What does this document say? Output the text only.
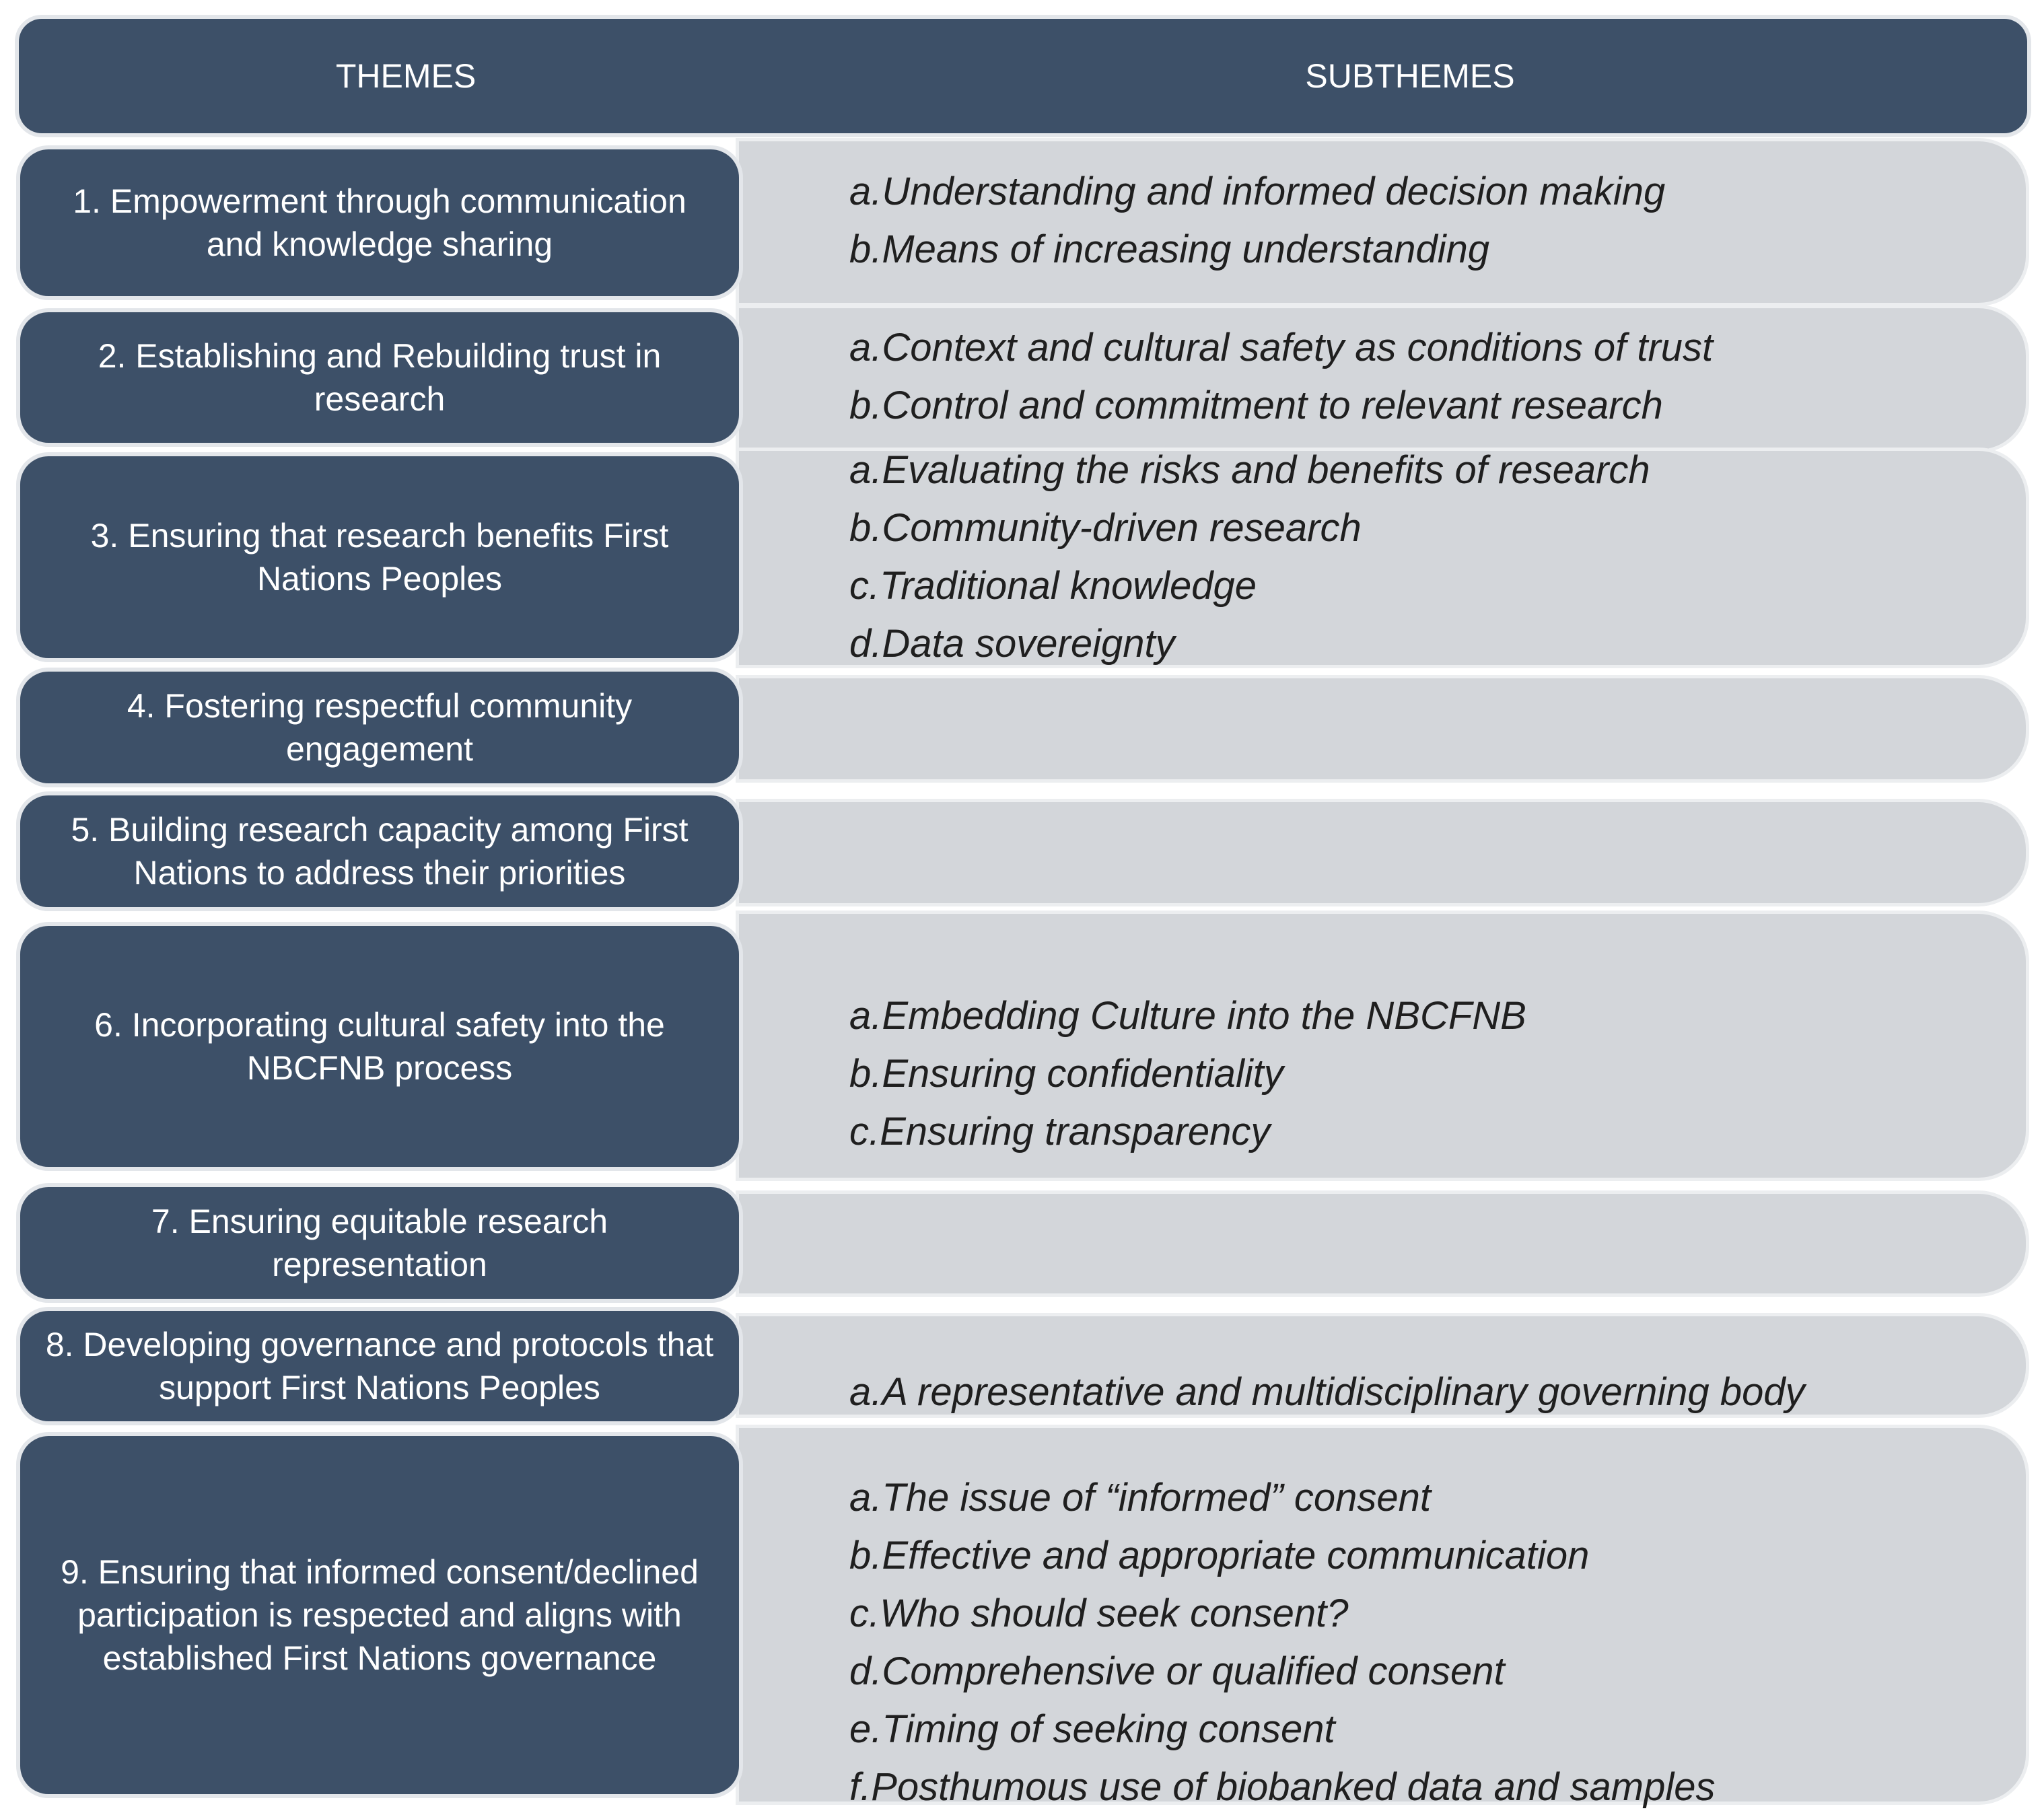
THEMES	SUBTHEMES
1. Empowerment through communication and knowledge sharing
a.Understanding and informed decision making
b.Means of increasing understanding
2. Establishing and Rebuilding trust in research
a.Context and cultural safety as conditions of trust
b.Control and commitment to relevant research
3. Ensuring that research benefits First Nations Peoples
a.Evaluating the risks and benefits of research
b.Community-driven research
c.Traditional knowledge
d.Data sovereignty
4. Fostering respectful community engagement
5. Building research capacity among First Nations to address their priorities
6. Incorporating cultural safety into the NBCFNB process
a.Embedding Culture into the NBCFNB
b.Ensuring confidentiality
c.Ensuring transparency
7. Ensuring equitable research representation
8. Developing governance and protocols that support First Nations Peoples	a.A representative and multidisciplinary governing body
9. Ensuring that informed consent/declined participation is respected and aligns with established First Nations governance
a.The issue of “informed” consent
b.Effective and appropriate communication
c.Who should seek consent?
d.Comprehensive or qualified consent
e.Timing of seeking consent
f.Posthumous use of biobanked data and samples
